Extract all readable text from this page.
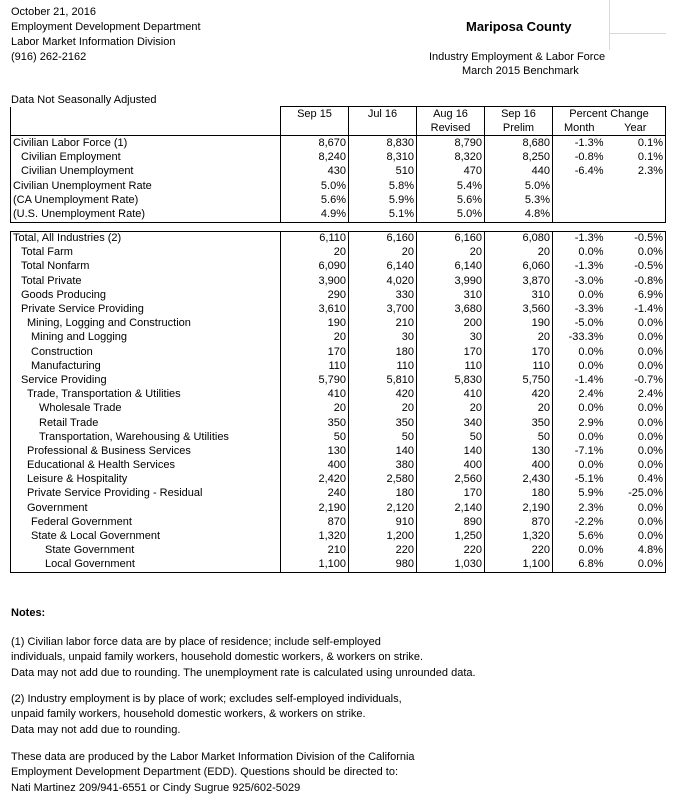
October 21, 2016
Employment Development Department
Labor Market Information Division
(916) 262-2162
Mariposa County
Industry Employment & Labor Force
March 2015 Benchmark
Data Not Seasonally Adjusted
	Sep 15	Jul 16	Aug 16	Sep 16	Percent Change	
			Revised	Prelim	Month	Year
Civilian Labor Force (1)	8,670	8,830	8,790	8,680	-1.3%	0.1%
Civilian Employment	8,240	8,310	8,320	8,250	-0.8%	0.1%
Civilian Unemployment	430	510	470	440	-6.4%	2.3%
Civilian Unemployment Rate	5.0%	5.8%	5.4%	5.0%		
(CA Unemployment Rate)	5.6%	5.9%	5.6%	5.3%		
(U.S. Unemployment Rate)	4.9%	5.1%	5.0%	4.8%		

Total, All Industries (2)	6,110	6,160	6,160	6,080	-1.3%	-0.5%
Total Farm	20	20	20	20	0.0%	0.0%
Total Nonfarm	6,090	6,140	6,140	6,060	-1.3%	-0.5%
Total Private	3,900	4,020	3,990	3,870	-3.0%	-0.8%
Goods Producing	290	330	310	310	0.0%	6.9%
Private Service Providing	3,610	3,700	3,680	3,560	-3.3%	-1.4%
Mining, Logging and Construction	190	210	200	190	-5.0%	0.0%
Mining and Logging	20	30	30	20	-33.3%	0.0%
Construction	170	180	170	170	0.0%	0.0%
Manufacturing	110	110	110	110	0.0%	0.0%
Service Providing	5,790	5,810	5,830	5,750	-1.4%	-0.7%
Trade, Transportation & Utilities	410	420	410	420	2.4%	2.4%
Wholesale Trade	20	20	20	20	0.0%	0.0%
Retail Trade	350	350	340	350	2.9%	0.0%
Transportation, Warehousing & Utilities	50	50	50	50	0.0%	0.0%
Professional & Business Services	130	140	140	130	-7.1%	0.0%
Educational & Health Services	400	380	400	400	0.0%	0.0%
Leisure & Hospitality	2,420	2,580	2,560	2,430	-5.1%	0.4%
Private Service Providing - Residual	240	180	170	180	5.9%	-25.0%
Government	2,190	2,120	2,140	2,190	2.3%	0.0%
Federal Government	870	910	890	870	-2.2%	0.0%
State & Local Government	1,320	1,200	1,250	1,320	5.6%	0.0%
State Government	210	220	220	220	0.0%	4.8%
Local Government	1,100	980	1,030	1,100	6.8%	0.0%
Notes:
(1) Civilian labor force data are by place of residence; include self-employed
individuals, unpaid family workers, household domestic workers, & workers on strike.
Data may not add due to rounding. The unemployment rate is calculated using unrounded data.
(2) Industry employment is by place of work; excludes self-employed individuals,
unpaid family workers, household domestic workers, & workers on strike.
Data may not add due to rounding.
These data are produced by the Labor Market Information Division of the California
Employment Development Department (EDD). Questions should be directed to:
Nati Martinez 209/941-6551 or Cindy Sugrue 925/602-5029
